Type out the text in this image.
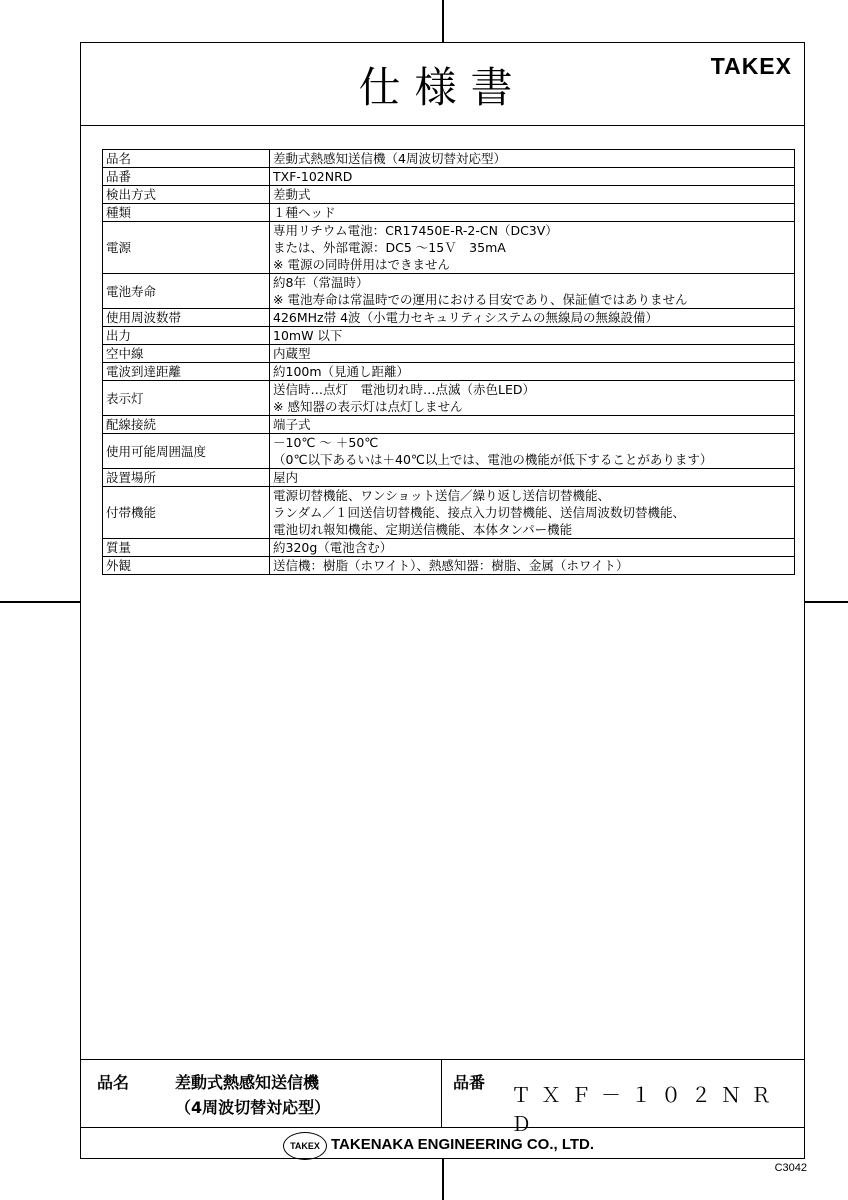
仕様書	TAKEX
品名	差動式熱感知送信機（4周波切替対応型）

品番	TXF-102NRD

検出方式	差動式

種類	１種ヘッド

電源	専用リチウム電池：CR17450E-R-2-CN（DC3V）
または、外部電源：DC5 ～15Ｖ　35mA
※ 電源の同時併用はできません

電池寿命	約8年（常温時）
※ 電池寿命は常温時での運用における目安であり、保証値ではありません

使用周波数帯	426MHz帯 4波（小電力セキュリティシステムの無線局の無線設備）

出力	10mW 以下

空中線	内蔵型

電波到達距離	約100m（見通し距離）

表示灯	送信時…点灯　電池切れ時…点滅（赤色LED）
※ 感知器の表示灯は点灯しません

配線接続	端子式

使用可能周囲温度	－10℃ ～ ＋50℃
（0℃以下あるいは＋40℃以上では、電池の機能が低下することがあります）

設置場所	屋内

付帯機能	電源切替機能、ワンショット送信／繰り返し送信切替機能、
ランダム／１回送信切替機能、接点入力切替機能、送信周波数切替機能、
電池切れ報知機能、定期送信機能、本体タンパー機能

質量	約320g（電池含む）

外観	送信機：樹脂（ホワイト）、熱感知器：樹脂、金属（ホワイト）
品名	差動式熱感知送信機
（4周波切替対応型）
品番
ＴＸＦ－１０２ＮＲＤ
TAKEX TAKENAKA ENGINEERING CO., LTD.
C3042
